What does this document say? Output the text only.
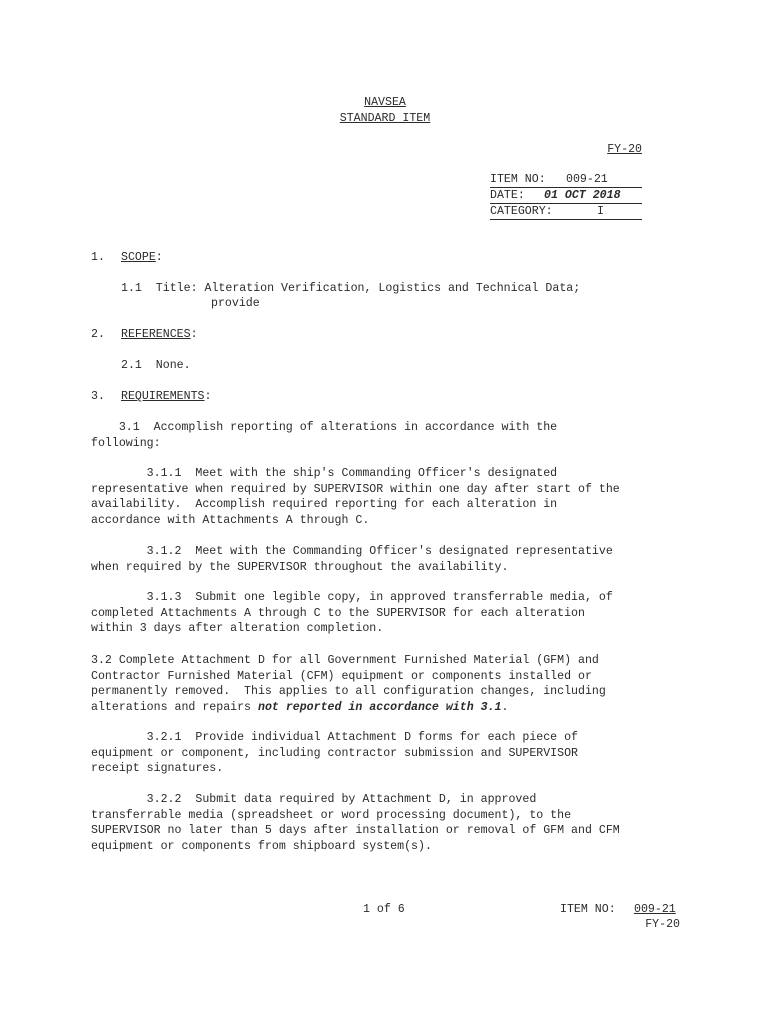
NAVSEA
STANDARD ITEM
FY-20
ITEM NO: 009-21
DATE: 01 OCT 2018
CATEGORY:	I
1. SCOPE:
1.1  Title: Alteration Verification, Logistics and Technical Data;
provide
2. REFERENCES:
2.1  None.
3. REQUIREMENTS:
3.1  Accomplish reporting of alterations in accordance with the
following:
3.1.1  Meet with the ship's Commanding Officer's designated
representative when required by SUPERVISOR within one day after start of the
availability.  Accomplish required reporting for each alteration in
accordance with Attachments A through C.
3.1.2  Meet with the Commanding Officer's designated representative
when required by the SUPERVISOR throughout the availability.
3.1.3  Submit one legible copy, in approved transferrable media, of
completed Attachments A through C to the SUPERVISOR for each alteration
within 3 days after alteration completion.
3.2 Complete Attachment D for all Government Furnished Material (GFM) and
Contractor Furnished Material (CFM) equipment or components installed or
permanently removed.  This applies to all configuration changes, including
alterations and repairs not reported in accordance with 3.1.
3.2.1  Provide individual Attachment D forms for each piece of
equipment or component, including contractor submission and SUPERVISOR
receipt signatures.
3.2.2  Submit data required by Attachment D, in approved
transferrable media (spreadsheet or word processing document), to the
SUPERVISOR no later than 5 days after installation or removal of GFM and CFM
equipment or components from shipboard system(s).
1 of 6	ITEM NO: 009-21
FY-20
